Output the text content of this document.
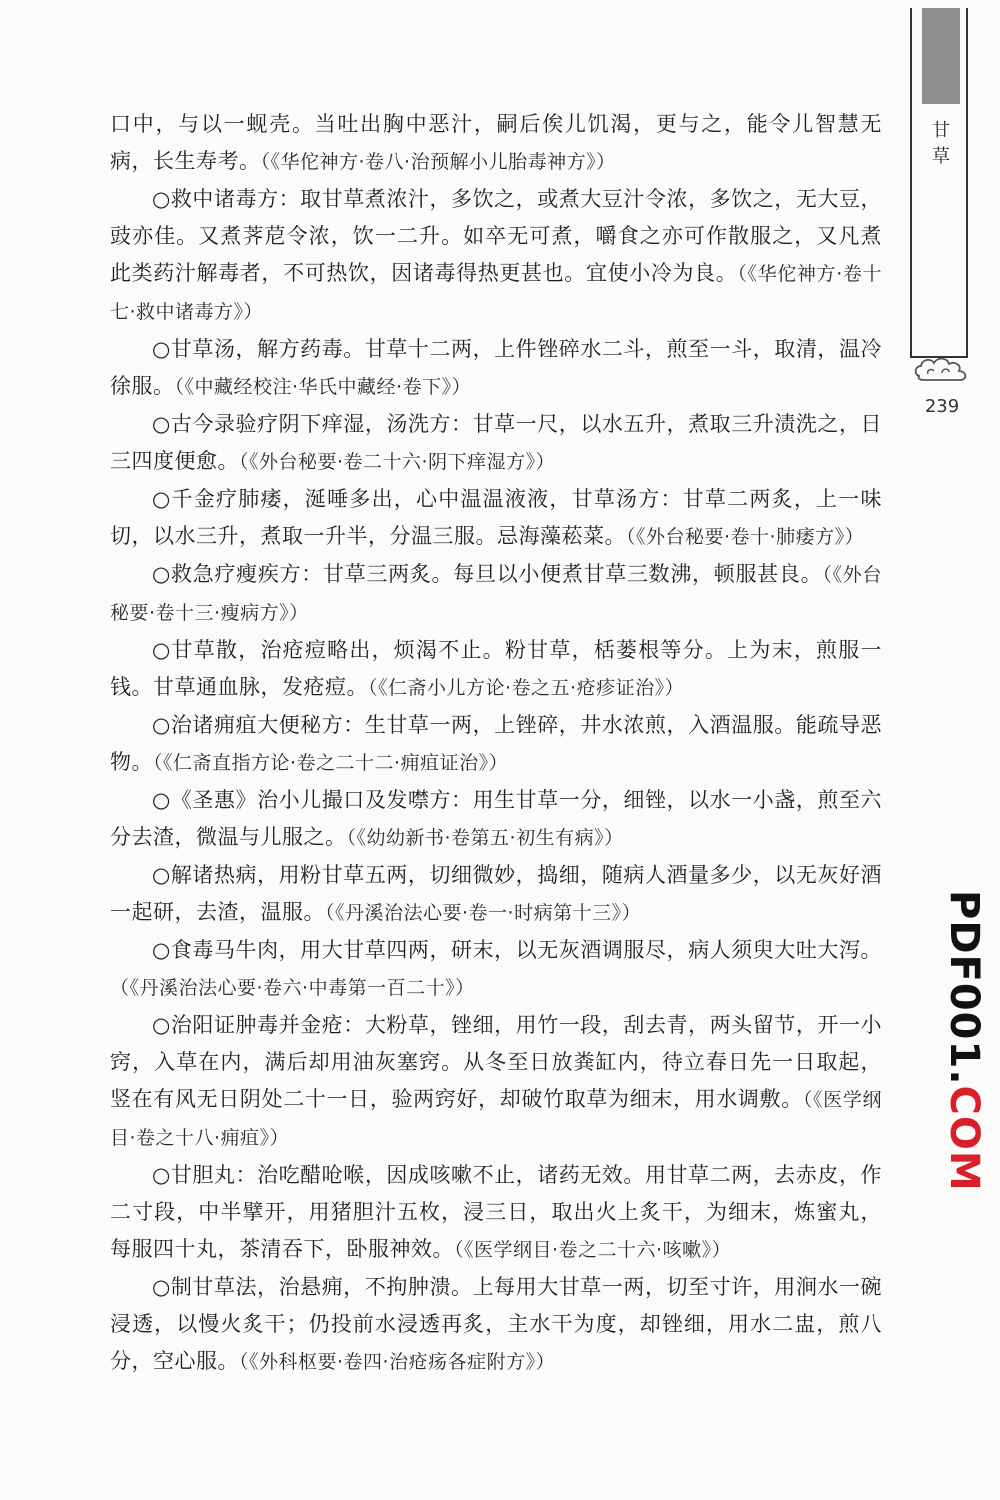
甘 草
239

口中，与以一蚬壳。当吐出胸中恶汁，嗣后俟儿饥渴，更与之，能令儿智慧无病，长生寿考。（《华佗神方·卷八·治预解小儿胎毒神方》）

○救中诸毒方：取甘草煮浓汁，多饮之，或煮大豆汁令浓，多饮之，无大豆，豉亦佳。又煮荠苨令浓，饮一二升。如卒无可煮，嚼食之亦可作散服之，又凡煮此类药汁解毒者，不可热饮，因诸毒得热更甚也。宜使小冷为良。（《华佗神方·卷十七·救中诸毒方》）

○甘草汤，解方药毒。甘草十二两，上件锉碎水二斗，煎至一斗，取清，温冷徐服。（《中藏经校注·华氏中藏经·卷下》）

○古今录验疗阴下痒湿，汤洗方：甘草一尺，以水五升，煮取三升渍洗之，日三四度便愈。（《外台秘要·卷二十六·阴下痒湿方》）

○千金疗肺痿，涎唾多出，心中温温液液，甘草汤方：甘草二两炙，上一味切，以水三升，煮取一升半，分温三服。忌海藻菘菜。（《外台秘要·卷十·肺痿方》）

○救急疗瘦疾方：甘草三两炙。每旦以小便煮甘草三数沸，顿服甚良。（《外台秘要·卷十三·瘦病方》）

○甘草散，治疮痘略出，烦渴不止。粉甘草，栝蒌根等分。上为末，煎服一钱。甘草通血脉，发疮痘。（《仁斋小儿方论·卷之五·疮疹证治》）

○治诸痈疽大便秘方：生甘草一两，上锉碎，井水浓煎，入酒温服。能疏导恶物。（《仁斋直指方论·卷之二十二·痈疽证治》）

○《圣惠》治小儿撮口及发噤方：用生甘草一分，细锉，以水一小盏，煎至六分去渣，微温与儿服之。（《幼幼新书·卷第五·初生有病》）

○解诸热病，用粉甘草五两，切细微妙，捣细，随病人酒量多少，以无灰好酒一起研，去渣，温服。（《丹溪治法心要·卷一·时病第十三》）

○食毒马牛肉，用大甘草四两，研末，以无灰酒调服尽，病人须臾大吐大泻。（《丹溪治法心要·卷六·中毒第一百二十》）

○治阳证肿毒并金疮：大粉草，锉细，用竹一段，刮去青，两头留节，开一小窍，入草在内，满后却用油灰塞窍。从冬至日放粪缸内，待立春日先一日取起，竖在有风无日阴处二十一日，验两窍好，却破竹取草为细末，用水调敷。（《医学纲目·卷之十八·痈疽》）

○甘胆丸：治吃醋呛喉，因成咳嗽不止，诸药无效。用甘草二两，去赤皮，作二寸段，中半擘开，用猪胆汁五枚，浸三日，取出火上炙干，为细末，炼蜜丸，每服四十丸，茶清吞下，卧服神效。（《医学纲目·卷之二十六·咳嗽》）

○制甘草法，治悬痈，不拘肿溃。上每用大甘草一两，切至寸许，用涧水一碗浸透，以慢火炙干；仍投前水浸透再炙，主水干为度，却锉细，用水二盅，煎八分，空心服。（《外科枢要·卷四·治疮疡各症附方》）

PDF001.COM
